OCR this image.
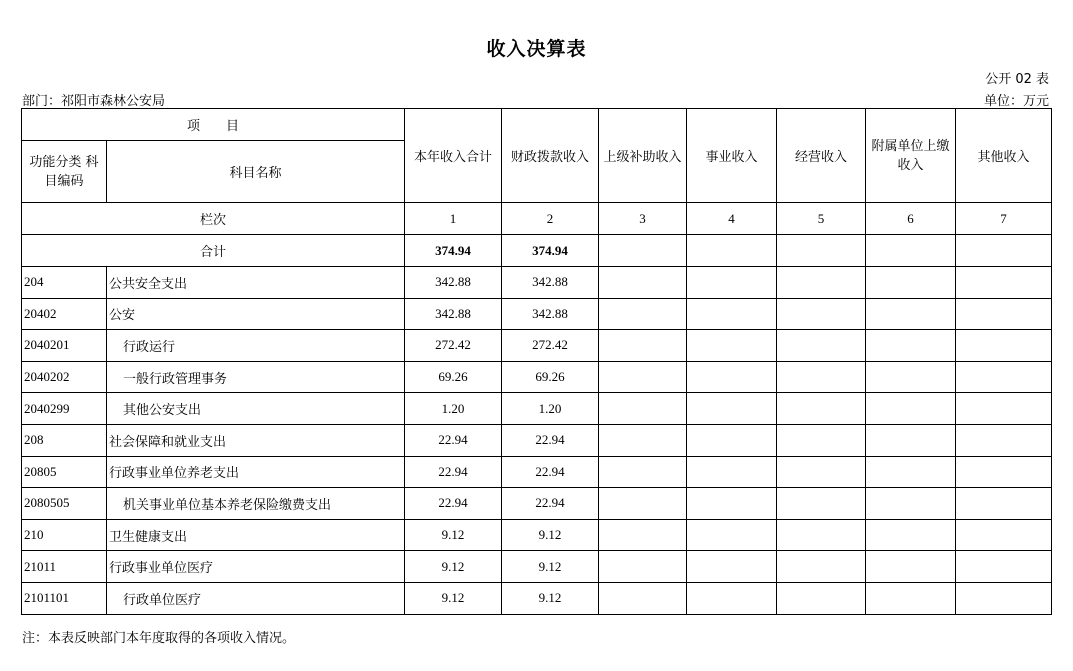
收入决算表
公开 02 表
部门：祁阳市森林公安局	单位：万元
项　　目		本年收入合计	财政拨款收入	上级补助收入	事业收入	经营收入	附属单位上缴收入	其他收入
功能分类 科目编码	科目名称							
栏次		1	2	3	4	5	6	7
合计		374.94	374.94					
204	公共安全支出	342.88	342.88					
20402	公安	342.88	342.88					
2040201	行政运行	272.42	272.42					
2040202	一般行政管理事务	69.26	69.26					
2040299	其他公安支出	1.20	1.20					
208	社会保障和就业支出	22.94	22.94					
20805	行政事业单位养老支出	22.94	22.94					
2080505	机关事业单位基本养老保险缴费支出	22.94	22.94					
210	卫生健康支出	9.12	9.12					
21011	行政事业单位医疗	9.12	9.12					
2101101	行政单位医疗	9.12	9.12					
注：本表反映部门本年度取得的各项收入情况。
